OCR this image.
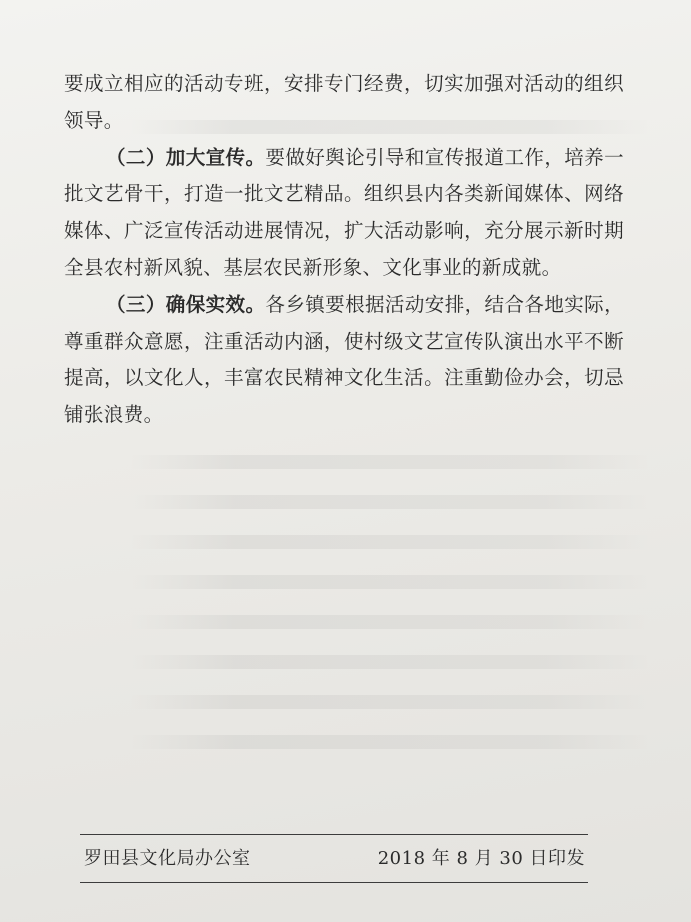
要成立相应的活动专班，安排专门经费，切实加强对活动的组织领导。

（二）加大宣传。要做好舆论引导和宣传报道工作，培养一批文艺骨干，打造一批文艺精品。组织县内各类新闻媒体、网络媒体、广泛宣传活动进展情况，扩大活动影响，充分展示新时期全县农村新风貌、基层农民新形象、文化事业的新成就。

（三）确保实效。各乡镇要根据活动安排，结合各地实际，尊重群众意愿，注重活动内涵，使村级文艺宣传队演出水平不断提高，以文化人，丰富农民精神文化生活。注重勤俭办会，切忌铺张浪费。

罗田县文化局办公室	2018 年 8 月 30 日印发
